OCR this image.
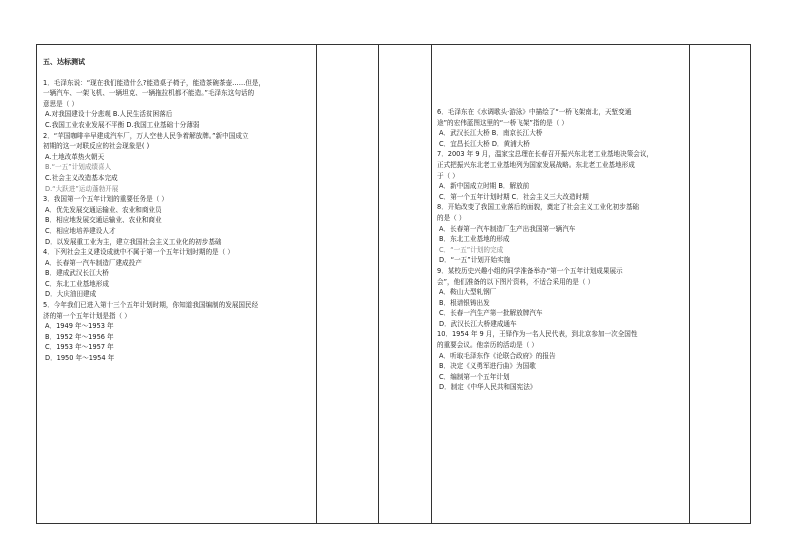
五、达标测试

1．毛泽东说：“现在我们能造什么?能造桌子椅子，能造茶碗茶壶……但是，

一辆汽车、一架飞机、一辆坦克、一辆拖拉机都不能造。”毛泽东这句话的

意思是（ ）

A.对我国建设十分悲观 B.人民生活贫困落后

C.我国工业农业发展不平衡 D.我国工业基础十分薄弱

2．“苹国咖啡辛早建成汽车厂，万人空巷人民争着解放牌。”新中国成立

初期的这一对联反应的社会现象是( )

A.土地改革热火朝天

B.“一五”计划成绩喜人

C.社会主义改造基本完成

D.“大跃进”运动蓬勃开展

3．我国第一个五年计划的重要任务是（ ）

A．优先发展交通运输业、农业和商业员

B．相应地发展交通运输业、农业和商业

C．相应地培养建设人才

D．以发展重工业为主，建立我国社会主义工业化的初步基础

4．下列社会主义建设成就中不属于第一个五年计划时期的是（ ）

A．长春第一汽车制造厂建成投产

B．建成武汉长江大桥

C．东北工业基地形成

D．大庆油田建成

5．今年我们已进入第十三个五年计划时期，你知道我国编制的发展国民经

济的第一个五年计划是指（ ）

A．1949 年～1953 年

B．1952 年～1956 年

C．1953 年～1957 年

D．1950 年～1954 年

6．毛泽东在《水调歌头·游泳》中描绘了“一桥飞架南北，天堑变通

途”的宏伟蓝图这里的“一桥飞架”指的是（ ）

A．武汉长江大桥 B．南京长江大桥

C．宜昌长江大桥 D．黄浦大桥

7．2003 年 9 月，温家宝总理在长春召开振兴东北老工业基地决策会议，

正式把振兴东北老工业基地列为国家发展战略。东北老工业基地形成

于（ ）

A．新中国成立时期 B．解放前

C．第一个五年计划时期 C．社会主义三大改造时期

8．开始改变了我国工业落后的面貌，奠定了社会主义工业化初步基础

的是（ ）

A．长春第一汽车制造厂生产出我国第一辆汽车

B．东北工业基地的形成

C．“一五”计划的完成

D．“一五”计划开始实施

9．某校历史兴趣小组的同学准备举办“第一个五年计划成果展示

会”，他们准备的以下图片资料，不适合采用的是（ ）

A．鞍山大型轧钢厂

B．根谱银铸出发

C．长春一汽生产第一批解放牌汽车

D．武汉长江大桥建成通车

10．1954 年 9 月，王铎作为一名人民代表，到北京参加一次全国性

的重要会议。他亲历的活动是（ ）

A．听取毛泽东作《论联合政府》的报告

B．决定《义勇军进行曲》为国歌

C．编制第一个五年计划

D．制定《中华人民共和国宪法》
